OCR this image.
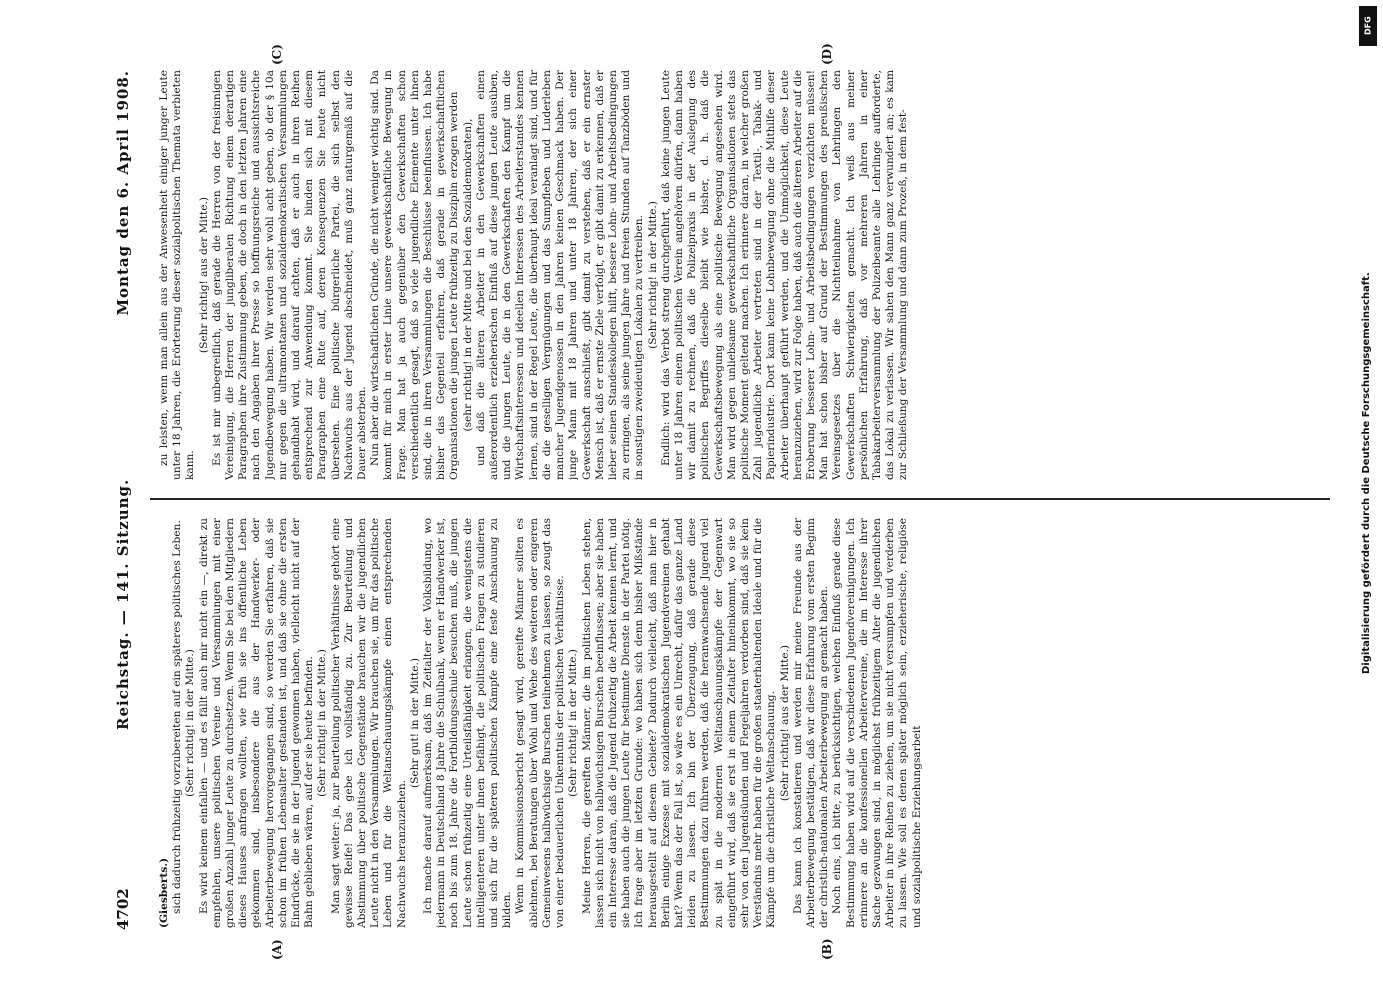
4702
Reichstag. — 141. Sitzung.
Montag den 6. April 1908.
(A)	(B)
(C)	(D)

(Giesberts.) sich dadurch frühzeitig vorzubereiten auf ein späteres politisches Leben. (Sehr richtig! in der Mitte.) Es wird keinem einfallen — und es fällt auch mir nicht ein —, direkt zu empfehlen, unsere politischen Vereine und Versammlungen mit einer großen Anzahl junger Leute zu durchsetzen. Wenn Sie bei den Mitgliedern dieses Hauses anfragen wollten, wie früh sie ins öffentliche Leben gekommen sind, insbesondere die aus der Handwerker- oder Arbeiterbewegung hervorgegangen sind, so werden Sie erfahren, daß sie schon im frühen Lebensalter gestanden ist, und daß sie ohne die ersten Eindrücke, die sie in der Jugend gewonnen haben, vielleicht nicht auf der Bahn geblieben wären, auf der sie heute befinden. (Sehr richtig! in der Mitte.) Man sagt weiter: ja, zur Beurteilung politischer Verhältnisse gehört eine gewisse Reife! Das gebe ich vollständig zu. Zur Beurteilung und Abstimmung über politische Gegenstände brauchen wir die jugendlichen Leute nicht in den Versammlungen. Wir brauchen sie, um für das politische Leben und für die Weltanschauungskämpfe einen entsprechenden Nachwuchs heranzuziehen.

(Sehr gut! in der Mitte.) Ich mache darauf aufmerksam, daß im Zeitalter der Volksbildung, wo jedermann in Deutschland 8 Jahre die Schulbank, wenn er Handwerker ist, noch bis zum 18. Jahre die Fortbildungsschule besuchen muß, die jungen Leute schon frühzeitig eine Urteilsfähigkeit erlangen, die wenigstens die intelligenteren unter ihnen befähigt, die politischen Fragen zu studieren und sich für die späteren politischen Kämpfe eine feste Anschauung zu bilden. Wenn in Kommissionsbericht gesagt wird, gereifte Männer sollten es ablehnen, bei Beratungen über Wohl und Wehe des weiteren oder engeren Gemeinwesens halbwüchsige Burschen teilnehmen zu lassen, so zeugt das von einer bedauerlichen Unkenntnis der politischen Verhältnisse. (Sehr richtig! in der Mitte.) Meine Herren, die gereiften Männer, die im politischen Leben stehen, lassen sich nicht von halbwüchsigen Burschen beeinflussen; aber sie haben ein Interesse daran, daß die Jugend frühzeitig die Arbeit kennen lernt, und sie haben auch die jungen Leute für bestimmte Dienste in der Partei nötig. Ich frage aber im letzten Grunde: wo haben sich denn bisher Mißstände herausgestellt auf diesem Gebiete? Dadurch vielleicht, daß man hier in Berlin einige Exzesse mit sozialdemokratischen Jugendvereinen gehabt hat? Wenn das der Fall ist, so wäre es ein Unrecht, dafür das ganze Land leiden zu lassen. Ich bin der Überzeugung, daß gerade diese Bestimmungen dazu führen werden, daß die heranwachsende Jugend viel zu spät in die modernen Weltanschauungskämpfe der Gegenwart eingeführt wird, daß sie erst in einem Zeitalter hineinkommt, wo sie so sehr von den Jugendsünden und Flegeljahren verdorben sind, daß sie kein Verständnis mehr haben für die großen staaterhaltenden Ideale und für die Kämpfe um die christliche Weltanschauung. (Sehr richtig! aus der Mitte.) Das kann ich konstatieren und werden mir meine Freunde aus der Arbeiterbewegung bestätigen, daß wir diese Erfahrung vom ersten Beginn der christlich-nationalen Arbeiterbewegung an gemacht haben. Noch eins, ich bitte, zu berücksichtigen, welchen Einfluß gerade diese Bestimmung haben wird auf die verschiedenen Jugendvereinigungen. Ich erinnere an die konfessionellen Arbeitervereine, die im Interesse ihrer Sache gezwungen sind, in möglichst frühzeitigem Alter die jugendlichen Arbeiter in ihre Reihen zu ziehen, um sie nicht versumpfen und verderben zu lassen. Wie soll es denen später möglich sein, erzieherische, religiöse und sozialpolitische Erziehungsarbeit

zu leisten, wenn man allein aus der Anwesenheit einiger junger Leute unter 18 Jahren, die Erörterung dieser sozialpolitischen Themata verbieten kann.

(Sehr richtig! aus der Mitte.) Es ist mir unbegreiflich, daß gerade die Herren von der freisinnigen Vereinigung, die Herren der jungliberalen Richtung einem derartigen Paragraphen ihre Zustimmung geben, die doch in den letzten Jahren eine nach den Angaben ihrer Presse so hoffnungsreiche und aussichtsreiche Jugendbewegung haben. Wir werden sehr wohl acht geben, ob der § 10a nur gegen die ultramontanen und sozialdemokratischen Versammlungen gehandhabt wird, und darauf achten, daß er auch in ihren Reihen entsprechend zur Anwendung kommt. Sie binden sich mit diesem Paragraphen eine Rute auf, deren Konsequenzen Sie heute nicht übersehen. Eine politische bürgerliche Partei, die sich selbst den Nachwuchs aus der Jugend abschneidet, muß ganz naturgemäß auf die Dauer absterben. Nun aber die wirtschaftlichen Gründe, die nicht weniger wichtig sind. Da kommt für mich in erster Linie unsere gewerkschaftliche Bewegung in Frage. Man hat ja auch gegenüber den Gewerkschaften schon verschiedentlich gesagt, daß so viele jugendliche Elemente unter ihnen sind, die in ihren Versammlungen die Beschlüsse beeinflussen. Ich habe bisher das Gegenteil erfahren, daß gerade in gewerkschaftlichen Organisationen die jungen Leute frühzeitig zu Disziplin erzogen werden (sehr richtig! in der Mitte und bei den Sozialdemokraten), und daß die älteren Arbeiter in den Gewerkschaften einen außerordentlich erzieherischen Einfluß auf diese jungen Leute ausüben, und die jungen Leute, die in den Gewerkschaften den Kampf um die Wirtschaftsinteressen und ideellen Interessen des Arbeiterstandes kennen lernen, sind in der Regel Leute, die überhaupt ideal veranlagt sind, und für die die geselligen Vergnügungen und das Sumpfleben und Luderleben mancher Jugendgenossen in den Jahren keinen Geschmack haben. Der junge Mann mit 18 Jahren und unter 18 Jahren, der sich einer Gewerkschaft anschließt, gibt damit zu verstehen, daß er ein ernster Mensch ist, daß er ernste Ziele verfolgt, er gibt damit zu erkennen, daß er lieber seinen Standeskollegen hilft, bessere Lohn- und Arbeitsbedingungen zu erringen, als seine jungen Jahre und freien Stunden auf Tanzböden und in sonstigen zweideutigen Lokalen zu vertreiben. (Sehr richtig! in der Mitte.) Endlich: wird das Verbot streng durchgeführt, daß keine jungen Leute unter 18 Jahren einem politischen Verein angehören dürfen, dann haben wir damit zu rechnen, daß die Polizeipraxis in der Auslegung des politischen Begriffes dieselbe bleibt wie bisher, d. h. daß die Gewerkschaftsbewegung als eine politische Bewegung angesehen wird. Man wird gegen unliebsame gewerkschaftliche Organisationen stets das politische Moment geltend machen. Ich erinnere daran, in welcher großen Zahl jugendliche Arbeiter vertreten sind in der Textil-, Tabak- und Papierindustrie. Dort kann keine Lohnbewegung ohne die Mithilfe dieser Arbeiter überhaupt geführt werden, und die Unmöglichkeit, diese Leute heranzuziehen, wird zur Folge haben, daß auch die älteren Arbeiter auf die Eroberung besserer Lohn- und Arbeitsbedingungen verzichten müssen! Man hat schon bisher auf Grund der Bestimmungen des preußischen Vereinsgesetzes über die Nichtteilnahme von Lehrlingen den Gewerkschaften Schwierigkeiten gemacht. Ich weiß aus meiner persönlichen Erfahrung, daß vor mehreren Jahren in einer Tabakarbeiterversammlung der Polizeibeamte alle Lehrlinge aufforderte, das Lokal zu verlassen. Wir sahen den Mann ganz verwundert an; es kam zur Schließung der Versammlung und dann zum Prozeß, in dem fest-

DFG
Digitalisierung gefördert durch die Deutsche Forschungsgemeinschaft.
